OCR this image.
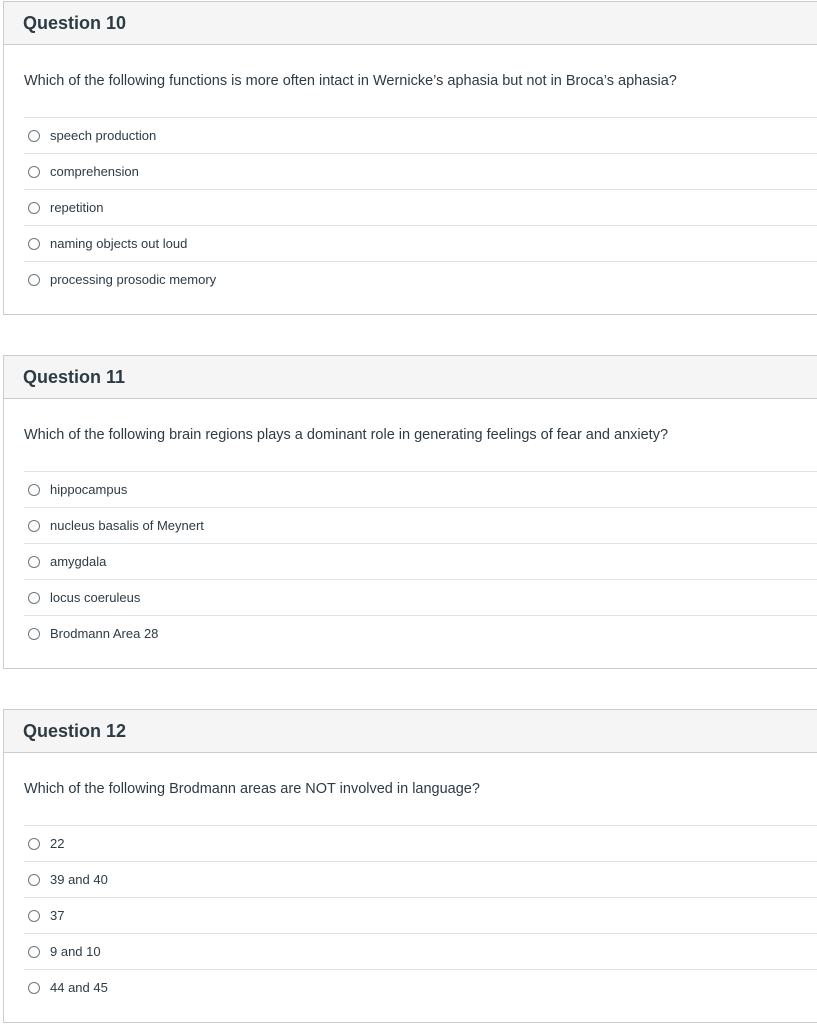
Question 10
Which of the following functions is more often intact in Wernicke’s aphasia but not in Broca’s aphasia?
speech production
comprehension
repetition
naming objects out loud
processing prosodic memory
Question 11
Which of the following brain regions plays a dominant role in generating feelings of fear and anxiety?
hippocampus
nucleus basalis of Meynert
amygdala
locus coeruleus
Brodmann Area 28
Question 12
Which of the following Brodmann areas are NOT involved in language?
22
39 and 40
37
9 and 10
44 and 45
